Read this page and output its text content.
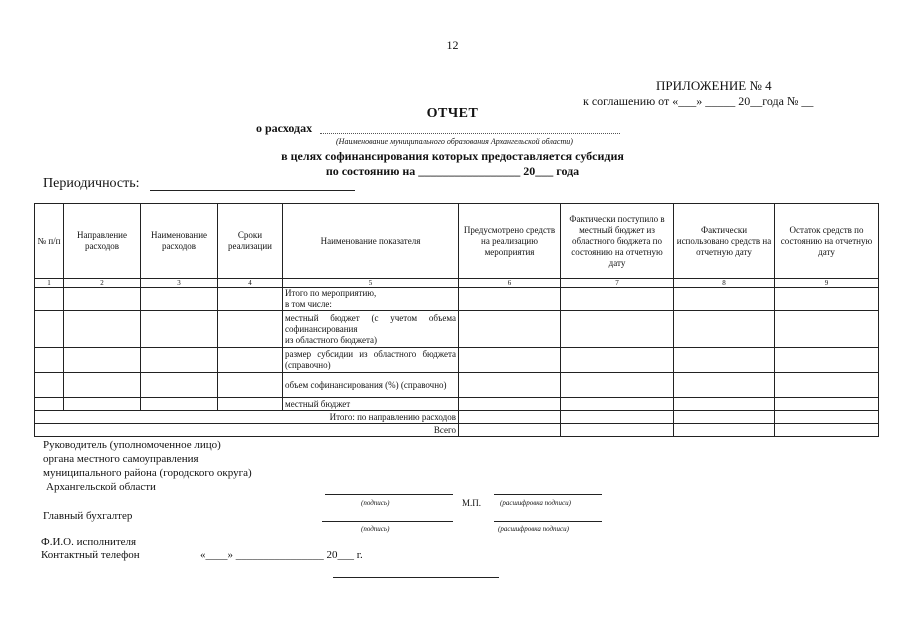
12
ПРИЛОЖЕНИЕ № 4
к соглашению от «___» _____ 20__года № __
ОТЧЕТ
о расходах
(Наименование муниципального образования Архангельской области)
в целях софинансирования которых предоставляется субсидия
по состоянию на _________________ 20___ года
Периодичность:
№ п/п	Направление расходов	Наименование расходов	Сроки реализации	Наименование показателя	Предусмотрено средств на реализацию мероприятия	Фактически поступило в местный бюджет из областного бюджета по состоянию на отчетную дату	Фактически использовано средств на отчетную дату	Остаток средств по состоянию на отчетную дату
1	2	3	4	5	6	7	8	9
				Итого по мероприятию,
в том числе:				
				местный бюджет (с учетом объема софинансирования
из областного бюджета)				
				размер субсидии из областного бюджета (справочно)				
				объем софинансирования (%) (справочно)				
				местный бюджет				
Итого: по направлению расходов								
Всего								
Руководитель (уполномоченное лицо)
органа местного самоуправления
муниципального района (городского округа)
Архангельской области
(подпись)	М.П.	(расшифровка подписи)
Главный бухгалтер
(подпись)	(расшифровка подписи)
Ф.И.О. исполнителя
Контактный телефон	«____» ________________ 20___ г.
